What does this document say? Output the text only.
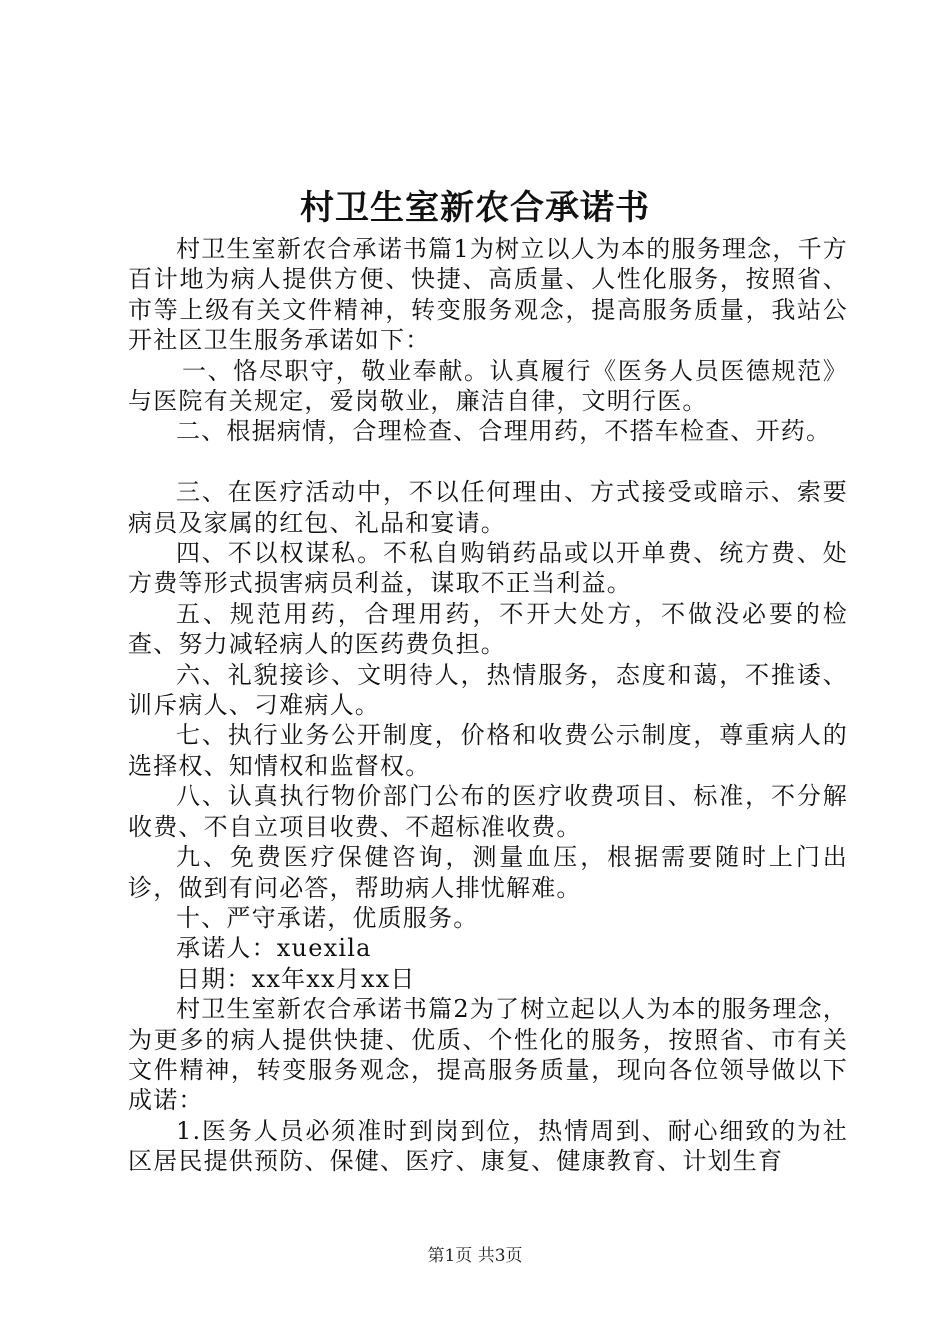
村卫生室新农合承诺书

村卫生室新农合承诺书篇1为树立以人为本的服务理念，千方百计地为病人提供方便、快捷、高质量、人性化服务，按照省、市等上级有关文件精神，转变服务观念，提高服务质量，我站公开社区卫生服务承诺如下：

一、恪尽职守，敬业奉献。认真履行《医务人员医德规范》与医院有关规定，爱岗敬业，廉洁自律，文明行医。

二、根据病情，合理检查、合理用药，不搭车检查、开药。

三、在医疗活动中，不以任何理由、方式接受或暗示、索要病员及家属的红包、礼品和宴请。

四、不以权谋私。不私自购销药品或以开单费、统方费、处方费等形式损害病员利益，谋取不正当利益。

五、规范用药，合理用药，不开大处方，不做没必要的检查、努力减轻病人的医药费负担。

六、礼貌接诊、文明待人，热情服务，态度和蔼，不推诿、训斥病人、刁难病人。

七、执行业务公开制度，价格和收费公示制度，尊重病人的选择权、知情权和监督权。

八、认真执行物价部门公布的医疗收费项目、标准，不分解收费、不自立项目收费、不超标准收费。

九、免费医疗保健咨询，测量血压，根据需要随时上门出诊，做到有问必答，帮助病人排忧解难。

十、严守承诺，优质服务。

承诺人：xuexila

日期：xx年xx月xx日

村卫生室新农合承诺书篇2为了树立起以人为本的服务理念，为更多的病人提供快捷、优质、个性化的服务，按照省、市有关文件精神，转变服务观念，提高服务质量，现向各位领导做以下成诺：

1.医务人员必须准时到岗到位，热情周到、耐心细致的为社区居民提供预防、保健、医疗、康复、健康教育、计划生育

第1页 共3页
